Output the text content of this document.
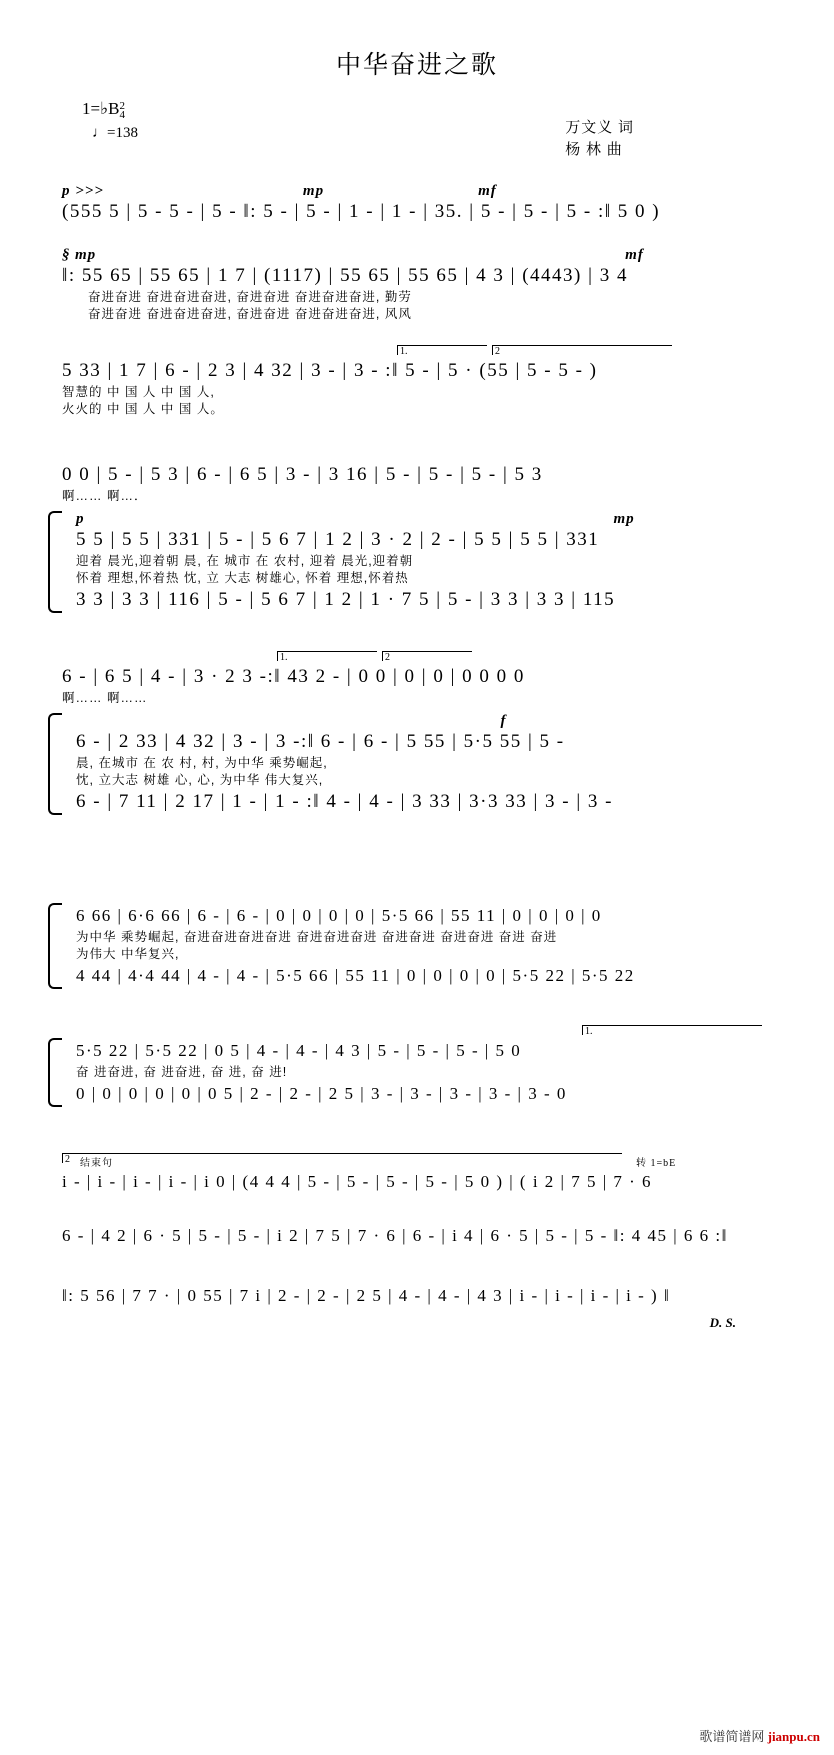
中华奋进之歌
1=♭B2
4
♩=138	万文义 词
杨 林 曲
p >>>	mp	mf
(555 5 | 5 - 5 - | 5 - ‖: 5 - | 5 - | 1 - | 1 - | 35. | 5 - | 5 - | 5 - :‖ 5 0 )
§ mp	mf
‖: 55 65 | 55 65 | 1 7 | (1117) | 55 65 | 55 65 | 4 3 | (4443) | 3 4
奋进奋进 奋进奋进奋进, 奋进奋进 奋进奋进奋进, 勤劳
奋进奋进 奋进奋进奋进, 奋进奋进 奋进奋进奋进, 风风
1.	2
5 33 | 1 7 | 6 - | 2 3 | 4 32 | 3 - | 3 - :‖ 5 - | 5 · (55 | 5 - 5 - )
智慧的 中 国 人 中 国 人,
火火的 中 国 人 中 国 人。
0 0 | 5 - | 5 3 | 6 - | 6 5 | 3 - | 3 16 | 5 - | 5 - | 5 - | 5 3
啊…… 啊…．
p	mp
5 5 | 5 5 | 331 | 5 - | 5 6 7 | 1 2 | 3 · 2 | 2 - | 5 5 | 5 5 | 331
迎着 晨光,迎着朝 晨, 在 城市 在 农村, 迎着 晨光,迎着朝
怀着 理想,怀着热 忱, 立 大志 树雄心, 怀着 理想,怀着热
3 3 | 3 3 | 116 | 5 - | 5 6 7 | 1 2 | 1 · 7 5 | 5 - | 3 3 | 3 3 | 115
1.	2
6 - | 6 5 | 4 - | 3 · 2 3 -:‖ 43 2 - | 0 0 | 0 | 0 | 0 0 0 0
啊…… 啊……
f
6 - | 2 33 | 4 32 | 3 - | 3 -:‖ 6 - | 6 - | 5 55 | 5·5 55 | 5 -
晨, 在城市 在 农 村, 村, 为中华 乘势崛起,
忱, 立大志 树雄 心, 心, 为中华 伟大复兴,
6 - | 7 11 | 2 17 | 1 - | 1 - :‖ 4 - | 4 - | 3 33 | 3·3 33 | 3 - | 3 -
6 66 | 6·6 66 | 6 - | 6 - | 0 | 0 | 0 | 0 | 5·5 66 | 55 11 | 0 | 0 | 0 | 0
为中华 乘势崛起, 奋进奋进奋进奋进 奋进奋进奋进 奋进奋进 奋进奋进 奋进 奋进
为伟大 中华复兴,
4 44 | 4·4 44 | 4 - | 4 - | 5·5 66 | 55 11 | 0 | 0 | 0 | 0 | 5·5 22 | 5·5 22
1.
5·5 22 | 5·5 22 | 0 5 | 4 - | 4 - | 4 3 | 5 - | 5 - | 5 - | 5 0
奋 进奋进, 奋 进奋进, 奋 进, 奋 进!
0 | 0 | 0 | 0 | 0 | 0 5 | 2 - | 2 - | 2 5 | 3 - | 3 - | 3 - | 3 - | 3 - 0
2	结束句	转 1=bE
i - | i - | i - | i - | i 0 | (4 4 4 | 5 - | 5 - | 5 - | 5 - | 5 0 ) | ( i 2 | 7 5 | 7 · 6
6 - | 4 2 | 6 · 5 | 5 - | 5 - | i 2 | 7 5 | 7 · 6 | 6 - | i 4 | 6 · 5 | 5 - | 5 - ‖: 4 45 | 6 6 :‖
‖: 5 56 | 7 7 · | 0 55 | 7 i | 2 - | 2 - | 2 5 | 4 - | 4 - | 4 3 | i - | i - | i - | i - ) ‖
D. S.
歌谱简谱网 jianpu.cn
